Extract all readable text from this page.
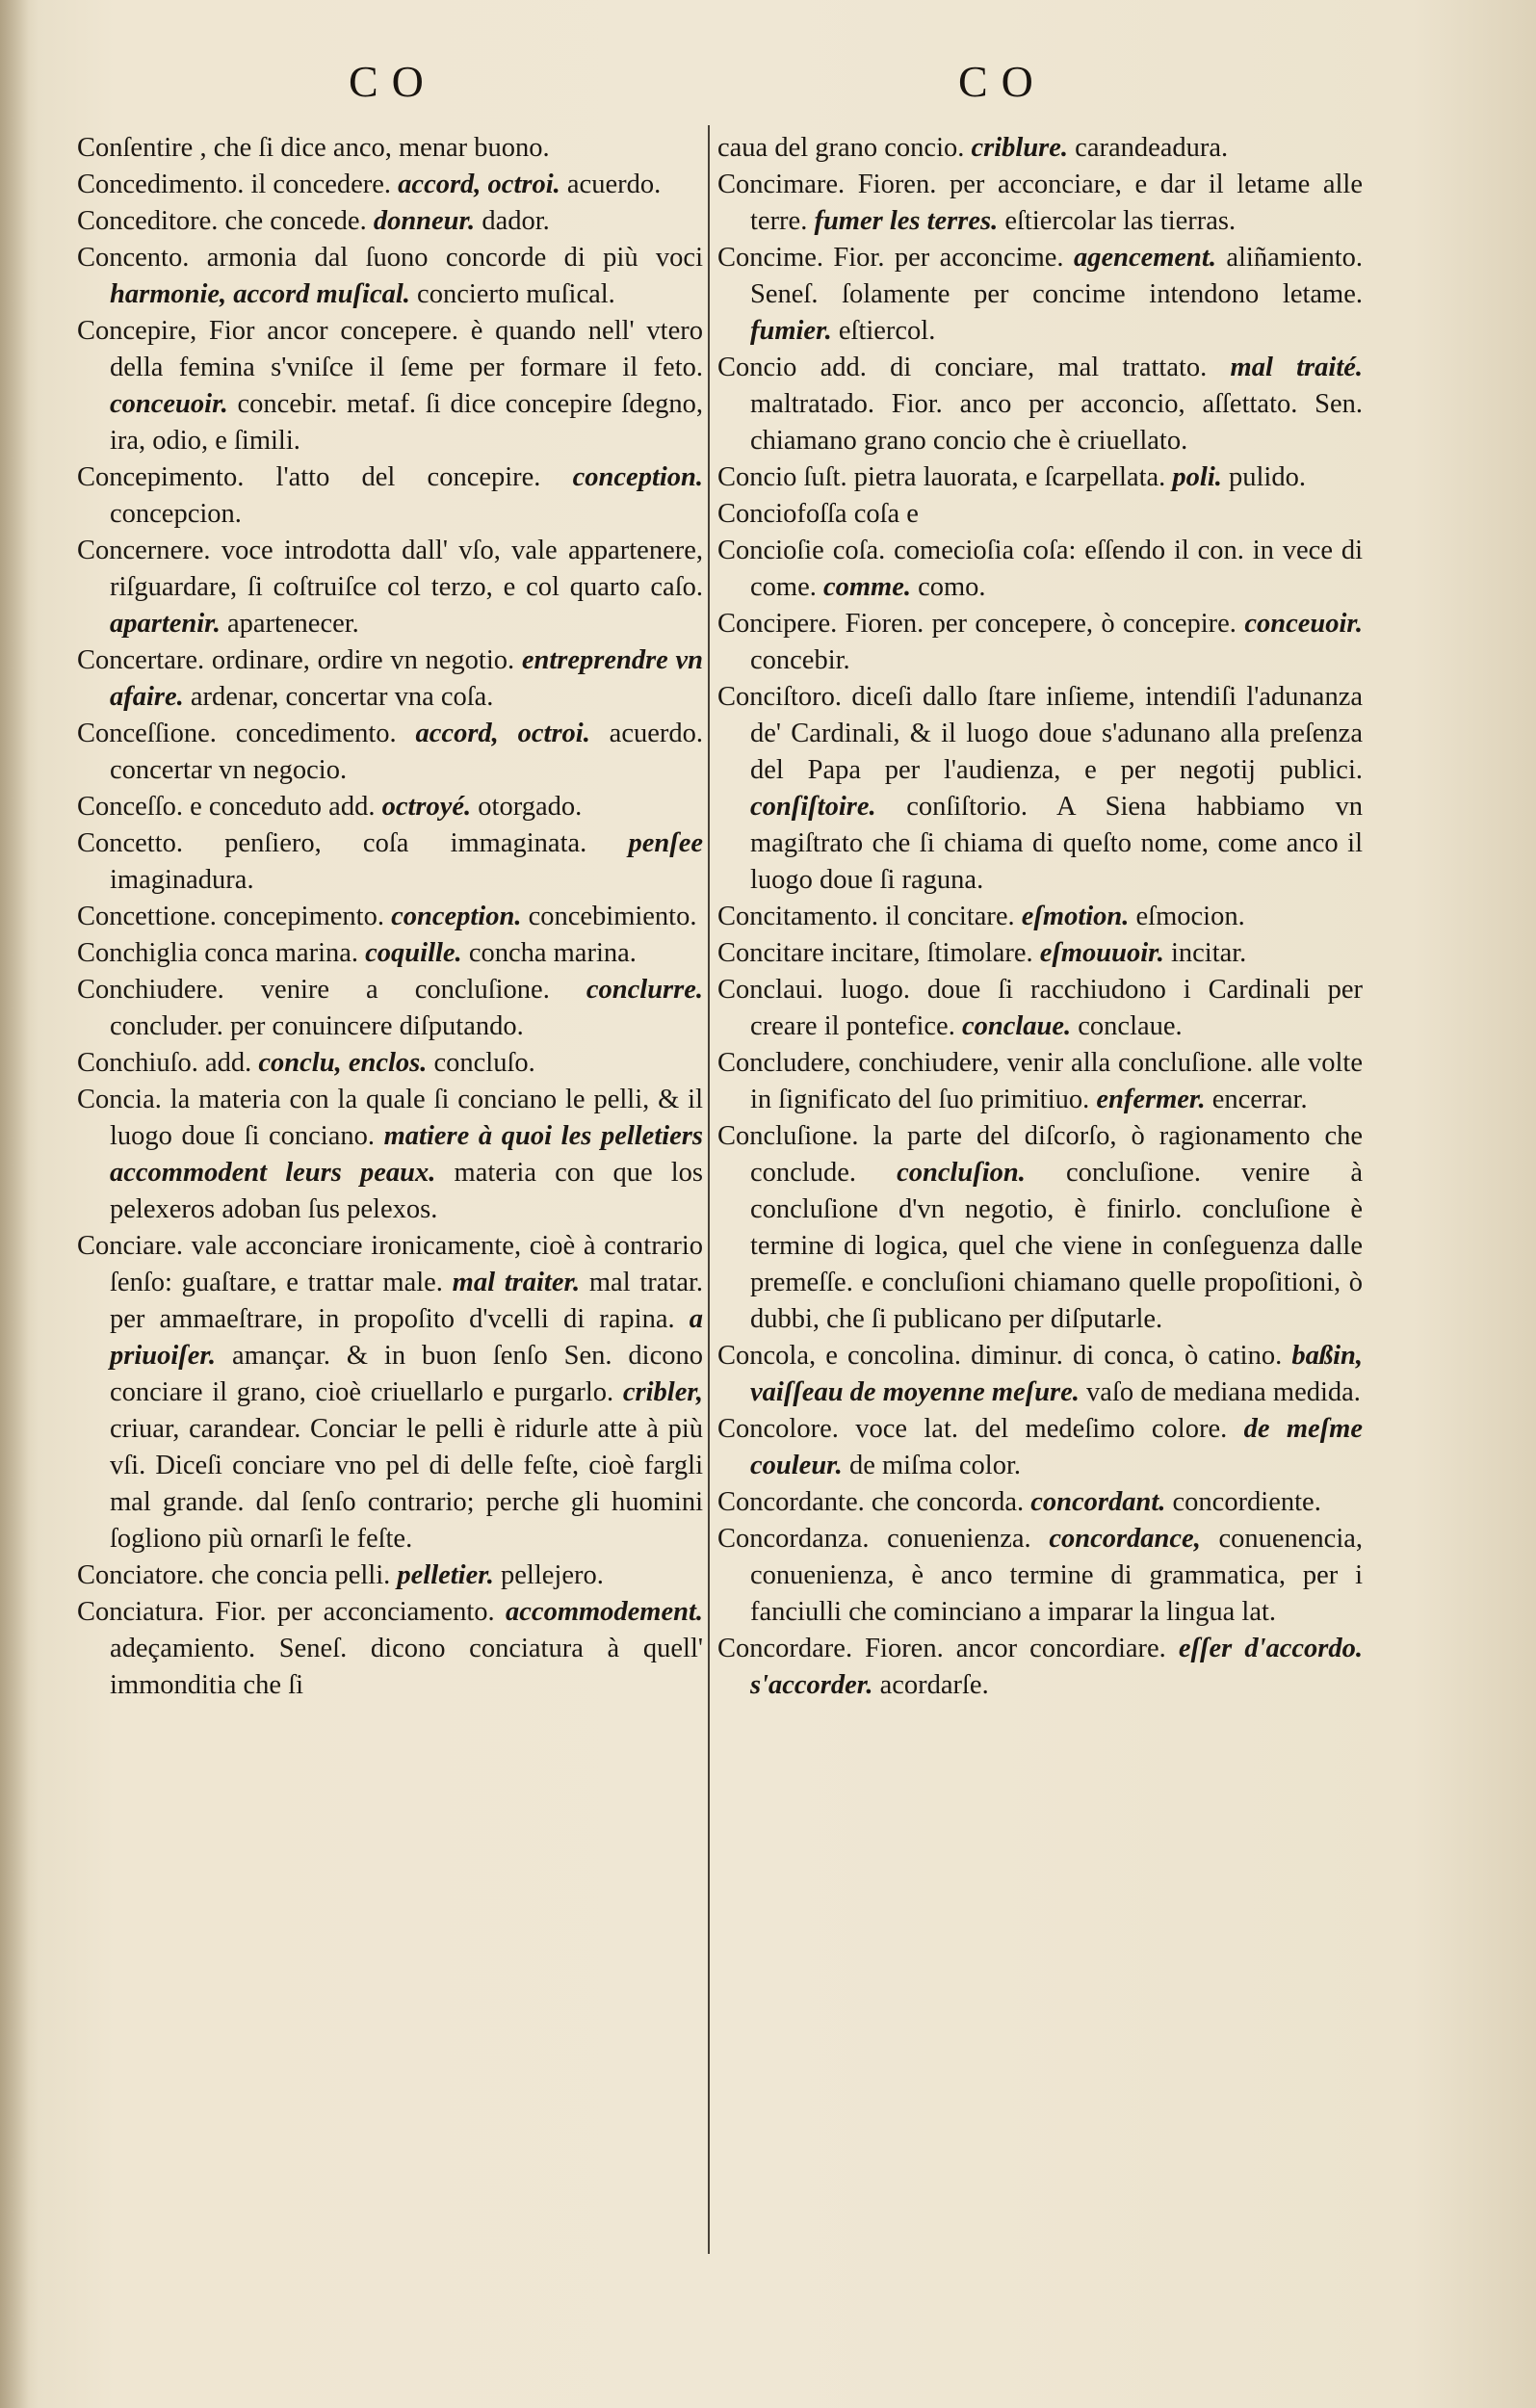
CO	CO

Conſentire , che ſi dice anco, menar buono.

Concedimento. il concedere. accord, octroi. acuerdo.

Conceditore. che concede. donneur. dador.

Concento. armonia dal ſuono concorde di più voci harmonie, accord muſical. concierto muſical.

Concepire, Fior ancor concepere. è quando nell' vtero della femina s'vniſce il ſeme per formare il feto. conceuoir. concebir. metaf. ſi dice concepire ſdegno, ira, odio, e ſimili.

Concepimento. l'atto del concepire. conception. concepcion.

Concernere. voce introdotta dall' vſo, vale appartenere, riſguardare, ſi coſtruiſce col terzo, e col quarto caſo. apartenir. apartenecer.

Concertare. ordinare, ordire vn negotio. entreprendre vn afaire. ardenar, concertar vna coſa.

Conceſſione. concedimento. accord, octroi. acuerdo. concertar vn negocio.

Conceſſo. e conceduto add. octroyé. otorgado.

Concetto. penſiero, coſa immaginata. penſee imaginadura.

Concettione. concepimento. conception. concebimiento.

Conchiglia conca marina. coquille. concha marina.

Conchiudere. venire a concluſione. conclurre. concluder. per conuincere diſputando.

Conchiuſo. add. conclu, enclos. concluſo.

Concia. la materia con la quale ſi conciano le pelli, & il luogo doue ſi conciano. matiere à quoi les pelletiers accommodent leurs peaux. materia con que los pelexeros adoban ſus pelexos.

Conciare. vale acconciare ironicamente, cioè à contrario ſenſo: guaſtare, e trattar male. mal traiter. mal tratar. per ammaeſtrare, in propoſito d'vcelli di rapina. a priuoiſer. amançar. & in buon ſenſo Sen. dicono conciare il grano, cioè criuellarlo e purgarlo. cribler, criuar, carandear. Conciar le pelli è ridurle atte à più vſi. Diceſi conciare vno pel di delle feſte, cioè fargli mal grande. dal ſenſo contrario; perche gli huomini ſogliono più ornarſi le feſte.

Conciatore. che concia pelli. pelletier. pellejero.

Conciatura. Fior. per acconciamento. accommodement. adeçamiento. Seneſ. dicono conciatura à quell' immonditia che ſi

caua del grano concio. criblure. carandeadura.

Concimare. Fioren. per acconciare, e dar il letame alle terre. fumer les terres. eſtiercolar las tierras.

Concime. Fior. per acconcime. agencement. aliñamiento. Seneſ. ſolamente per concime intendono letame. fumier. eſtiercol.

Concio add. di conciare, mal trattato. mal traité. maltratado. Fior. anco per acconcio, aſſettato. Sen. chiamano grano concio che è criuellato.

Concio ſuſt. pietra lauorata, e ſcarpellata. poli. pulido.

Conciofoſſa coſa e

Concioſie coſa. comecioſia coſa: eſſendo il con. in vece di come. comme. como.

Concipere. Fioren. per concepere, ò concepire. conceuoir. concebir.

Conciſtoro. diceſi dallo ſtare inſieme, intendiſi l'adunanza de' Cardinali, & il luogo doue s'adunano alla preſenza del Papa per l'audienza, e per negotij publici. conſiſtoire. conſiſtorio. A Siena habbiamo vn magiſtrato che ſi chiama di queſto nome, come anco il luogo doue ſi raguna.

Concitamento. il concitare. eſmotion. eſmocion.

Concitare incitare, ſtimolare. eſmouuoir. incitar.

Conclaui. luogo. doue ſi racchiudono i Cardinali per creare il pontefice. conclaue. conclaue.

Concludere, conchiudere, venir alla concluſione. alle volte in ſignificato del ſuo primitiuo. enfermer. encerrar.

Concluſione. la parte del diſcorſo, ò ragionamento che conclude. concluſion. concluſione. venire à concluſione d'vn negotio, è finirlo. concluſione è termine di logica, quel che viene in conſeguenza dalle premeſſe. e concluſioni chiamano quelle propoſitioni, ò dubbi, che ſi publicano per diſputarle.

Concola, e concolina. diminur. di conca, ò catino. baßin, vaiſſeau de moyenne meſure. vaſo de mediana medida.

Concolore. voce lat. del medeſimo colore. de meſme couleur. de miſma color.

Concordante. che concorda. concordant. concordiente.

Concordanza. conuenienza. concordance, conuenencia, conuenienza, è anco termine di grammatica, per i fanciulli che cominciano a imparar la lingua lat.

Concordare. Fioren. ancor concordiare. eſſer d'accordo. s'accorder. acordarſe.
